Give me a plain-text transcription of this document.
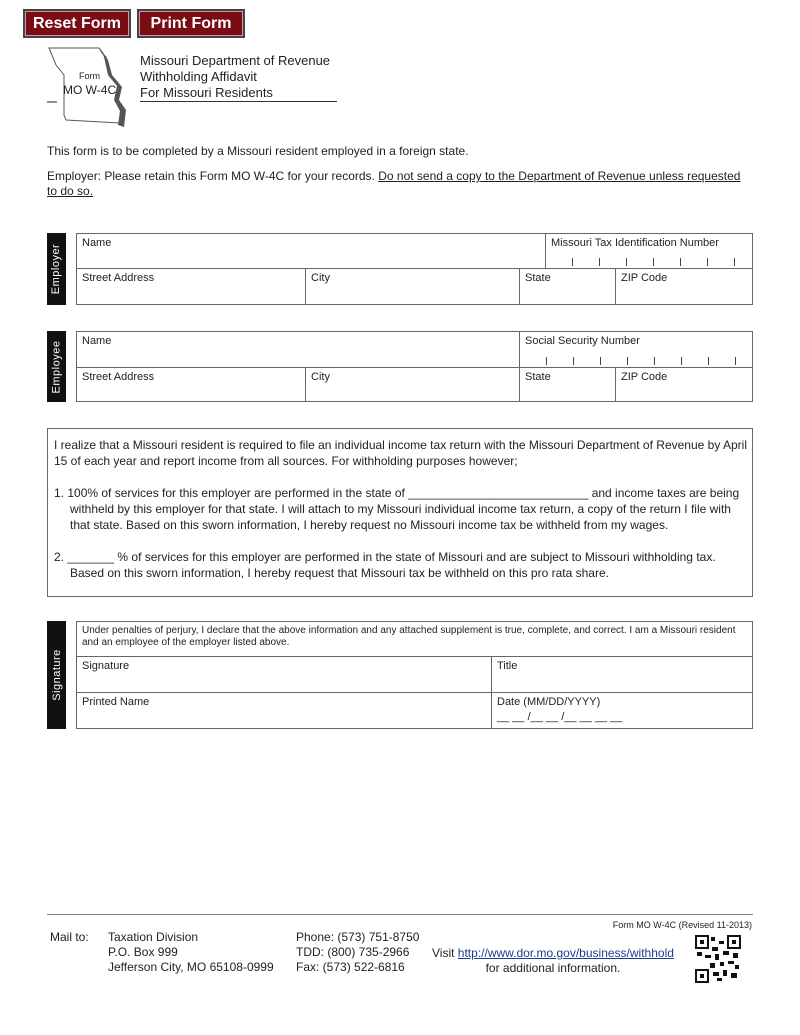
Reset Form	Print Form
Form
MO W-4C
Missouri Department of Revenue
Withholding Affidavit
For Missouri Residents
This form is to be completed by a Missouri resident employed in a foreign state.
Employer: Please retain this Form MO W-4C for your records. Do not send a copy to the Department of Revenue unless requested to do so.
Employer
Name	Missouri Tax Identification Number
Street Address	City	State	ZIP Code
Employee	Name	Social Security Number
Street Address	City	State	ZIP Code
I realize that a Missouri resident is required to file an individual income tax return with the Missouri Department of Revenue by April 15 of each year and report income from all sources. For withholding purposes however;
1. 100% of services for this employer are performed in the state of ___________________________ and income taxes are being withheld by this employer for that state. I will attach to my Missouri individual income tax return, a copy of the return I file with that state. Based on this sworn information, I hereby request no Missouri income tax be withheld from my wages.
2. _______ % of services for this employer are performed in the state of Missouri and are subject to Missouri withholding tax. Based on this sworn information, I hereby request that Missouri tax be withheld on this pro rata share.
Signature
Under penalties of perjury, I declare that the above information and any attached supplement is true, complete, and correct. I am a Missouri resident and an employee of the employer listed above.
Signature	Title
Printed Name	Date (MM/DD/YYYY)
__ __ /__ __ /__ __ __ __
Form MO W-4C (Revised 11-2013)
Mail to: Taxation Division
P.O. Box 999
Jefferson City, MO 65108-0999
Phone: (573) 751-8750
TDD: (800) 735-2966
Fax: (573) 522-6816
Visit http://www.dor.mo.gov/business/withhold
for additional information.
